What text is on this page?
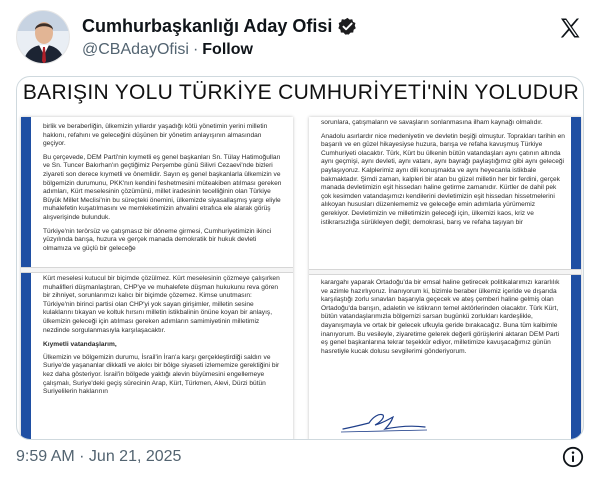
Cumhurbaşkanlığı Aday Ofisi
@CBAdayOfisi · Follow
BARIŞIN YOLU TÜRKİYE CUMHURİYETİ'NİN YOLUDUR

birlik ve beraberliğin, ülkemizin yıllardır yaşadığı kötü yönetimin yerini milletin hakkını, refahını ve geleceğini düşünen bir yönetim anlayışının almasından geçiyor.

Bu çerçevede, DEM Parti'nin kıymetli eş genel başkanları Sn. Tülay Hatimoğulları ve Sn. Tuncer Bakırhan'ın geçtiğimiz Perşembe günü Silivri Cezaevi'nde bizleri ziyareti son derece kıymetli ve önemlidir. Sayın eş genel başkanlarla ülkemizin ve bölgemizin durumunu, PKK'nın kendini feshetmesini müteakiben atılması gereken adımları, Kürt meselesinin çözümünü, millet iradesinin tecelliğinin olan Türkiye Büyük Millet Meclisi'nin bu süreçteki önemini, ülkemizde siyasallaşmış yargı eliyle muhalefetin kuşatılmasını ve memleketimizin ahvalini etrafıca ele alarak görüş alışverişinde bulunduk.

Türkiye'nin terörsüz ve çatışmasız bir döneme girmesi, Cumhuriyetimizin ikinci yüzyılında barışa, huzura ve gerçek manada demokratik bir hukuk devleti olmamıza ve güçlü bir geleceğe

Kürt meselesi kutucul bir biçimde çözülmez. Kürt meselesinin çözmeye çalışırken muhalifleri düşmanlaştıran, CHP'ye ve muhalefete düşman hukukunu reva gören bir zihniyet, sorunlarımızı kalıcı bir biçimde çözemez. Kimse unutmasın: Türkiye'nin birinci partisi olan CHP'yi yok sayan girişimler, milletin sesine kulaklarını tıkayan ve koltuk hırsını milletin istikbalinin önüne koyan bir anlayış, ülkemizin geleceği için atılması gereken adımların samimiyetinin milletimiz nezdinde sorgulanmasıyla karşılaşacaktır.

Kıymetli vatandaşlarım,

Ülkemizin ve bölgemizin durumu, İsrail'in İran'a karşı gerçekleştirdiği saldırı ve Suriye'de yaşananlar dikkatli ve akılcı bir bölge siyaseti izlememize gerektiğini bir kez daha gösteriyor. İsrail'in bölgede yaktığı alevin büyümesini engellemeye çalışmalı, Suriye'deki geçiş sürecinin Arap, Kürt, Türkmen, Alevi, Dürzi bütün Suriyelilerin haklarının

sorunlara, çatışmaların ve savaşların sonlanmasına ilham kaynağı olmalıdır.

Anadolu asırlardır nice medeniyetin ve devletin beşiği olmuştur. Toprakları tarihin en başarılı ve en güzel hikayesiyse huzura, barışa ve refaha kavuşmuş Türkiye Cumhuriyeti olacaktır. Türk, Kürt bu ülkenin bütün vatandaşları aynı çatının altında aynı geçmişi, aynı devleti, aynı vatanı, aynı bayrağı paylaştığımız gibi aynı geleceği paylaşıyoruz. Kalplerimiz aynı dili konuşmakta ve aynı heyecanla istikbale bakmaktadır. Şimdi zaman, kalpleri bir atan bu güzel milletin her bir ferdini, gerçek manada devletimizin eşit hissedarı haline getirme zamanıdır. Kürtler de dahil pek çok kesimden vatandaşımızı kendilerini devletimizin eşit hissedarı hissetmelerini alıkoyan hususları düzenlememiz ve geleceğe emin adımlarla yürümemiz gerekiyor. Devletimizin ve milletimizin geleceği için, ülkemizi kaos, kriz ve istikrarsızlığa sürükleyen değil; demokrasi, barış ve refaha taşıyan bir

karargahı yaparak Ortadoğu'da bir emsal haline getirecek politikalarımızı kararlılık ve azimle hazırlıyoruz. İnanıyorum ki, bizimle beraber ülkemiz içeride ve dışarıda karşılaştığı zorlu sınavları başarıyla geçecek ve ateş çemberi haline gelmiş olan Ortadoğu'da barışın, adaletin ve istikrarın temel aktörlerinden olacaktır. Türk Kürt, bütün vatandaşlarımızla bölgemizi sarsan bugünkü zorlukları kardeşlikle, dayanışmayla ve ortak bir gelecek ufkuyla geride bırakacağız. Buna tüm kalbimle inanıyorum. Bu vesileyle, ziyaretime gelerek değerli görüşlerini aktaran DEM Parti eş genel başkanlarına tekrar teşekkür ediyor, milletimize kavuşacağımız günün hasretiyle kucak dolusu sevgilerimi gönderiyorum.

9:59 AM · Jun 21, 2025
